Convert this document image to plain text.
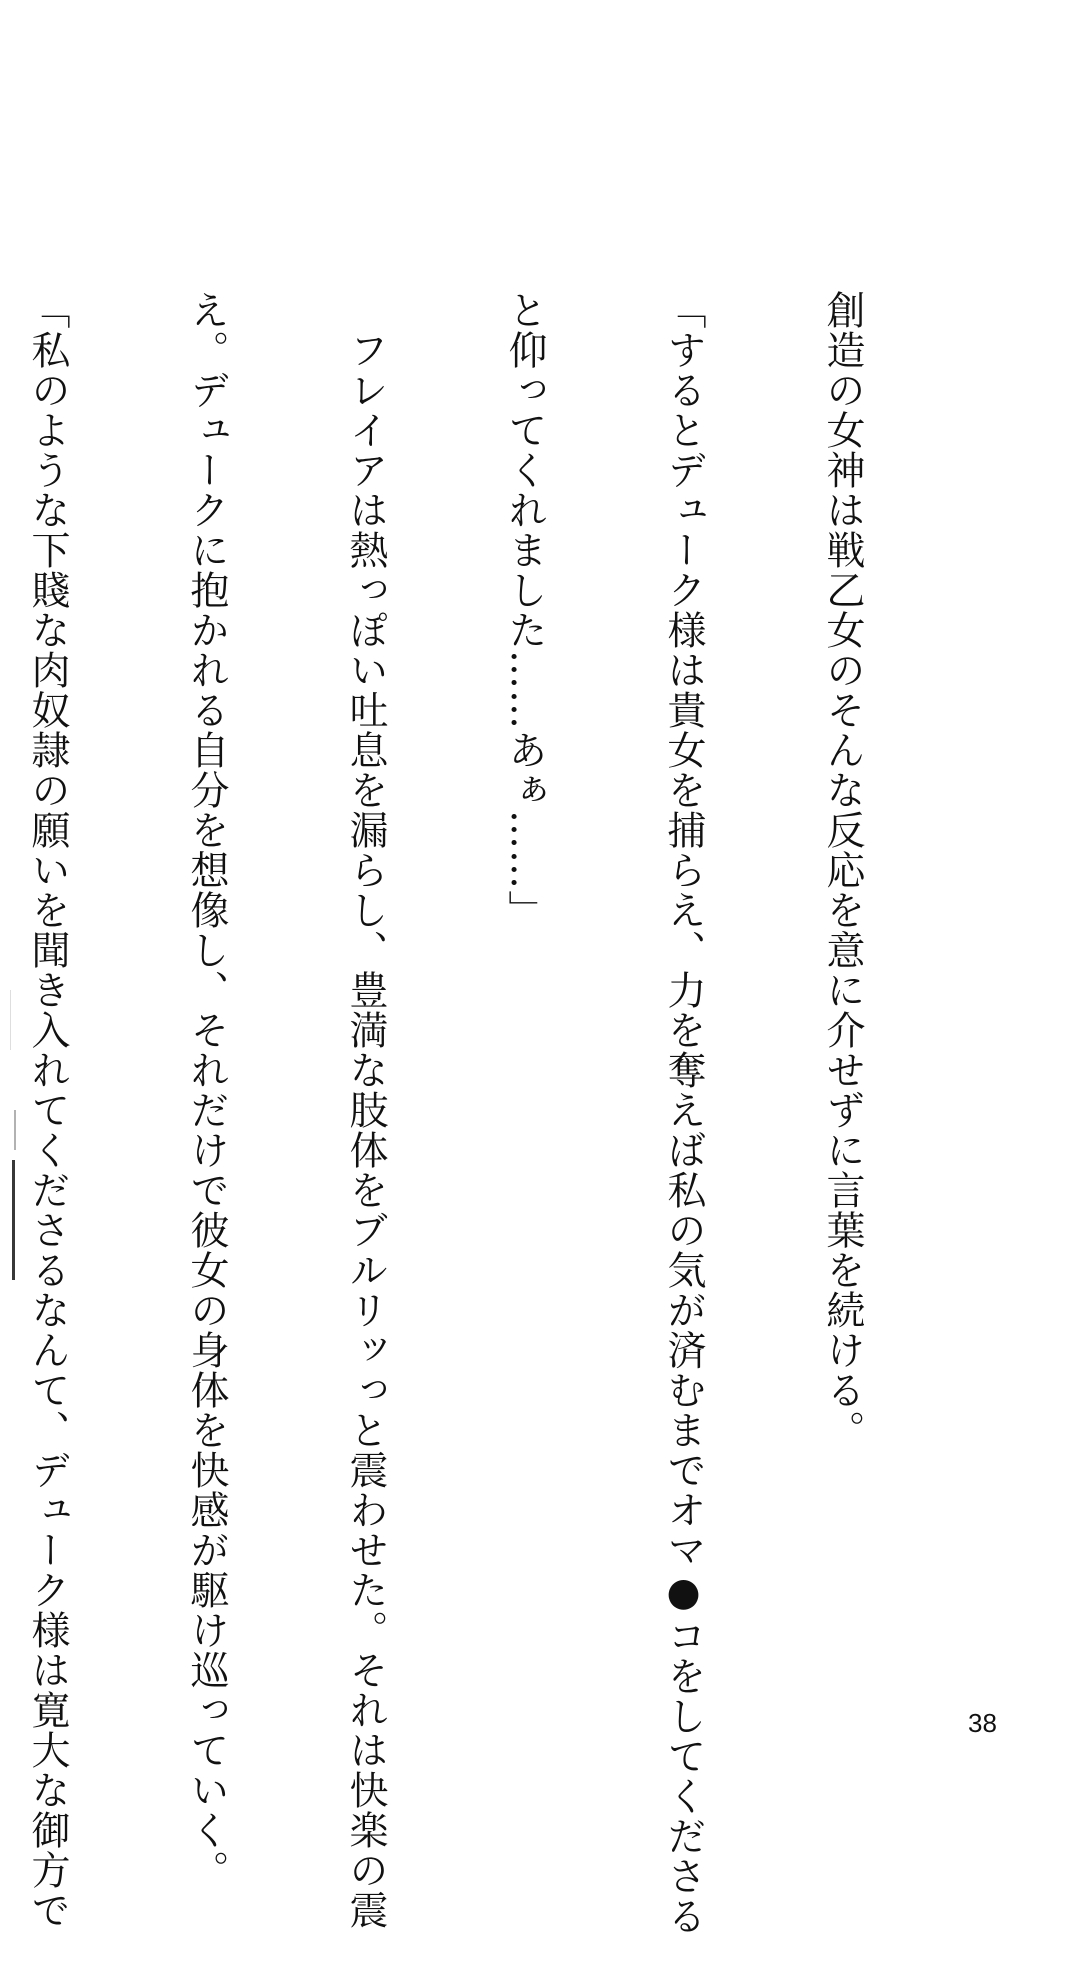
創造の女神は戦乙女のそんな反応を意に介せずに言葉を続ける。

「するとデューク様は貴女を捕らえ、力を奪えば私の気が済むまでオマ●コをしてくださる

と仰ってくれました……あぁ……」

　フレイアは熱っぽい吐息を漏らし、豊満な肢体をブルリッっと震わせた。それは快楽の震

え。デュークに抱かれる自分を想像し、それだけで彼女の身体を快感が駆け巡っていく。

「私のような下賤な肉奴隷の願いを聞き入れてくださるなんて、デューク様は寛大な御方で

	38
